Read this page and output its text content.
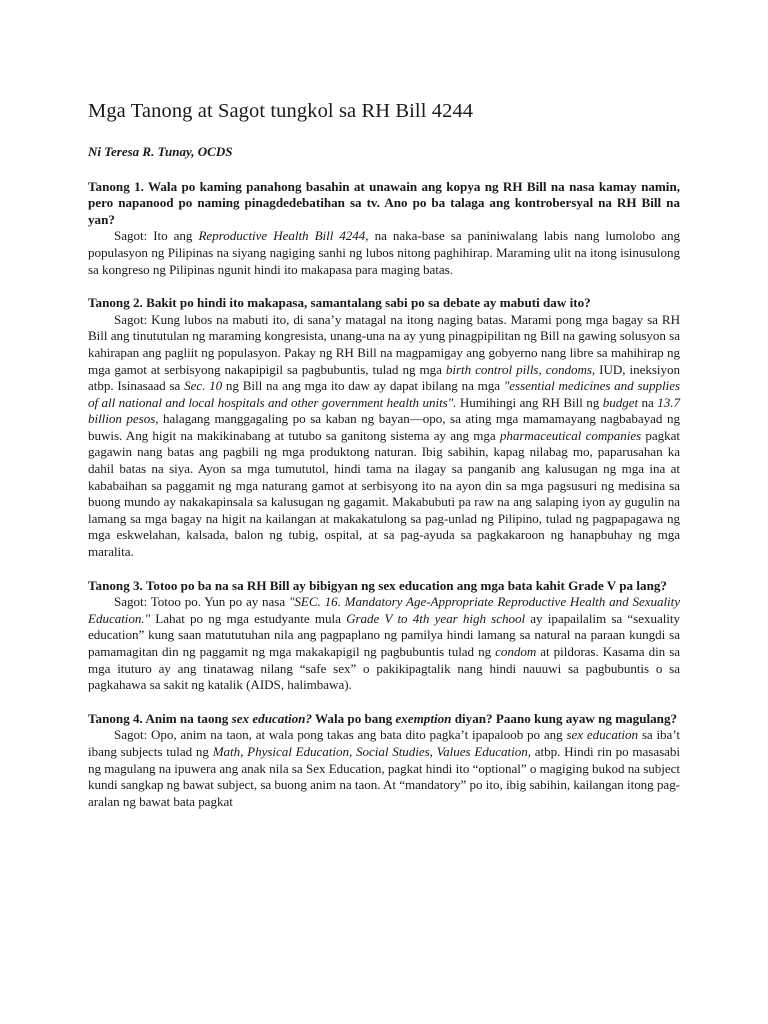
Mga Tanong at Sagot tungkol sa RH Bill 4244

Ni Teresa R. Tunay, OCDS

Tanong 1. Wala po kaming panahong basahin at unawain ang kopya ng RH Bill na nasa kamay namin, pero napanood po naming pinagdedebatihan sa tv. Ano po ba talaga ang kontrobersyal na RH Bill na yan?

Sagot: Ito ang Reproductive Health Bill 4244, na naka-base sa paniniwalang labis nang lumolobo ang populasyon ng Pilipinas na siyang nagiging sanhi ng lubos nitong paghihirap. Maraming ulit na itong isinusulong sa kongreso ng Pilipinas ngunit hindi ito makapasa para maging batas.

Tanong 2. Bakit po hindi ito makapasa, samantalang sabi po sa debate ay mabuti daw ito?

Sagot: Kung lubos na mabuti ito, di sana’y matagal na itong naging batas. Marami pong mga bagay sa RH Bill ang tinututulan ng maraming kongresista, unang-una na ay yung pinagpipilitan ng Bill na gawing solusyon sa kahirapan ang pagliit ng populasyon. Pakay ng RH Bill na magpamigay ang gobyerno nang libre sa mahihirap ng mga gamot at serbisyong nakapipigil sa pagbubuntis, tulad ng mga birth control pills, condoms, IUD, ineksiyon atbp. Isinasaad sa Sec. 10 ng Bill na ang mga ito daw ay dapat ibilang na mga "essential medicines and supplies of all national and local hospitals and other government health units". Humihingi ang RH Bill ng budget na 13.7 billion pesos, halagang manggagaling po sa kaban ng bayan—opo, sa ating mga mamamayang nagbabayad ng buwis. Ang higit na makikinabang at tutubo sa ganitong sistema ay ang mga pharmaceutical companies pagkat gagawin nang batas ang pagbili ng mga produktong naturan. Ibig sabihin, kapag nilabag mo, paparusahan ka dahil batas na siya. Ayon sa mga tumututol, hindi tama na ilagay sa panganib ang kalusugan ng mga ina at kababaihan sa paggamit ng mga naturang gamot at serbisyong ito na ayon din sa mga pagsusuri ng medisina sa buong mundo ay nakakapinsala sa kalusugan ng gagamit. Makabubuti pa raw na ang salaping iyon ay gugulin na lamang sa mga bagay na higit na kailangan at makakatulong sa pag-unlad ng Pilipino, tulad ng pagpapagawa ng mga eskwelahan, kalsada, balon ng tubig, ospital, at sa pag-ayuda sa pagkakaroon ng hanapbuhay ng mga maralita.

Tanong 3. Totoo po ba na sa RH Bill ay bibigyan ng sex education ang mga bata kahit Grade V pa lang?

Sagot: Totoo po. Yun po ay nasa "SEC. 16. Mandatory Age-Appropriate Reproductive Health and Sexuality Education." Lahat po ng mga estudyante mula Grade V to 4th year high school ay ipapailalim sa “sexuality education” kung saan matututuhan nila ang pagpaplano ng pamilya hindi lamang sa natural na paraan kungdi sa pamamagitan din ng paggamit ng mga makakapigil ng pagbubuntis tulad ng condom at pildoras. Kasama din sa mga ituturo ay ang tinatawag nilang “safe sex” o pakikipagtalik nang hindi nauuwi sa pagbubuntis o sa pagkahawa sa sakit ng katalik (AIDS, halimbawa).

Tanong 4. Anim na taong sex education? Wala po bang exemption diyan? Paano kung ayaw ng magulang?

Sagot: Opo, anim na taon, at wala pong takas ang bata dito pagka’t ipapaloob po ang sex education sa iba’t ibang subjects tulad ng Math, Physical Education, Social Studies, Values Education, atbp. Hindi rin po masasabi ng magulang na ipuwera ang anak nila sa Sex Education, pagkat hindi ito “optional” o magiging bukod na subject kundi sangkap ng bawat subject, sa buong anim na taon. At “mandatory” po ito, ibig sabihin, kailangan itong pag-aralan ng bawat bata pagkat
